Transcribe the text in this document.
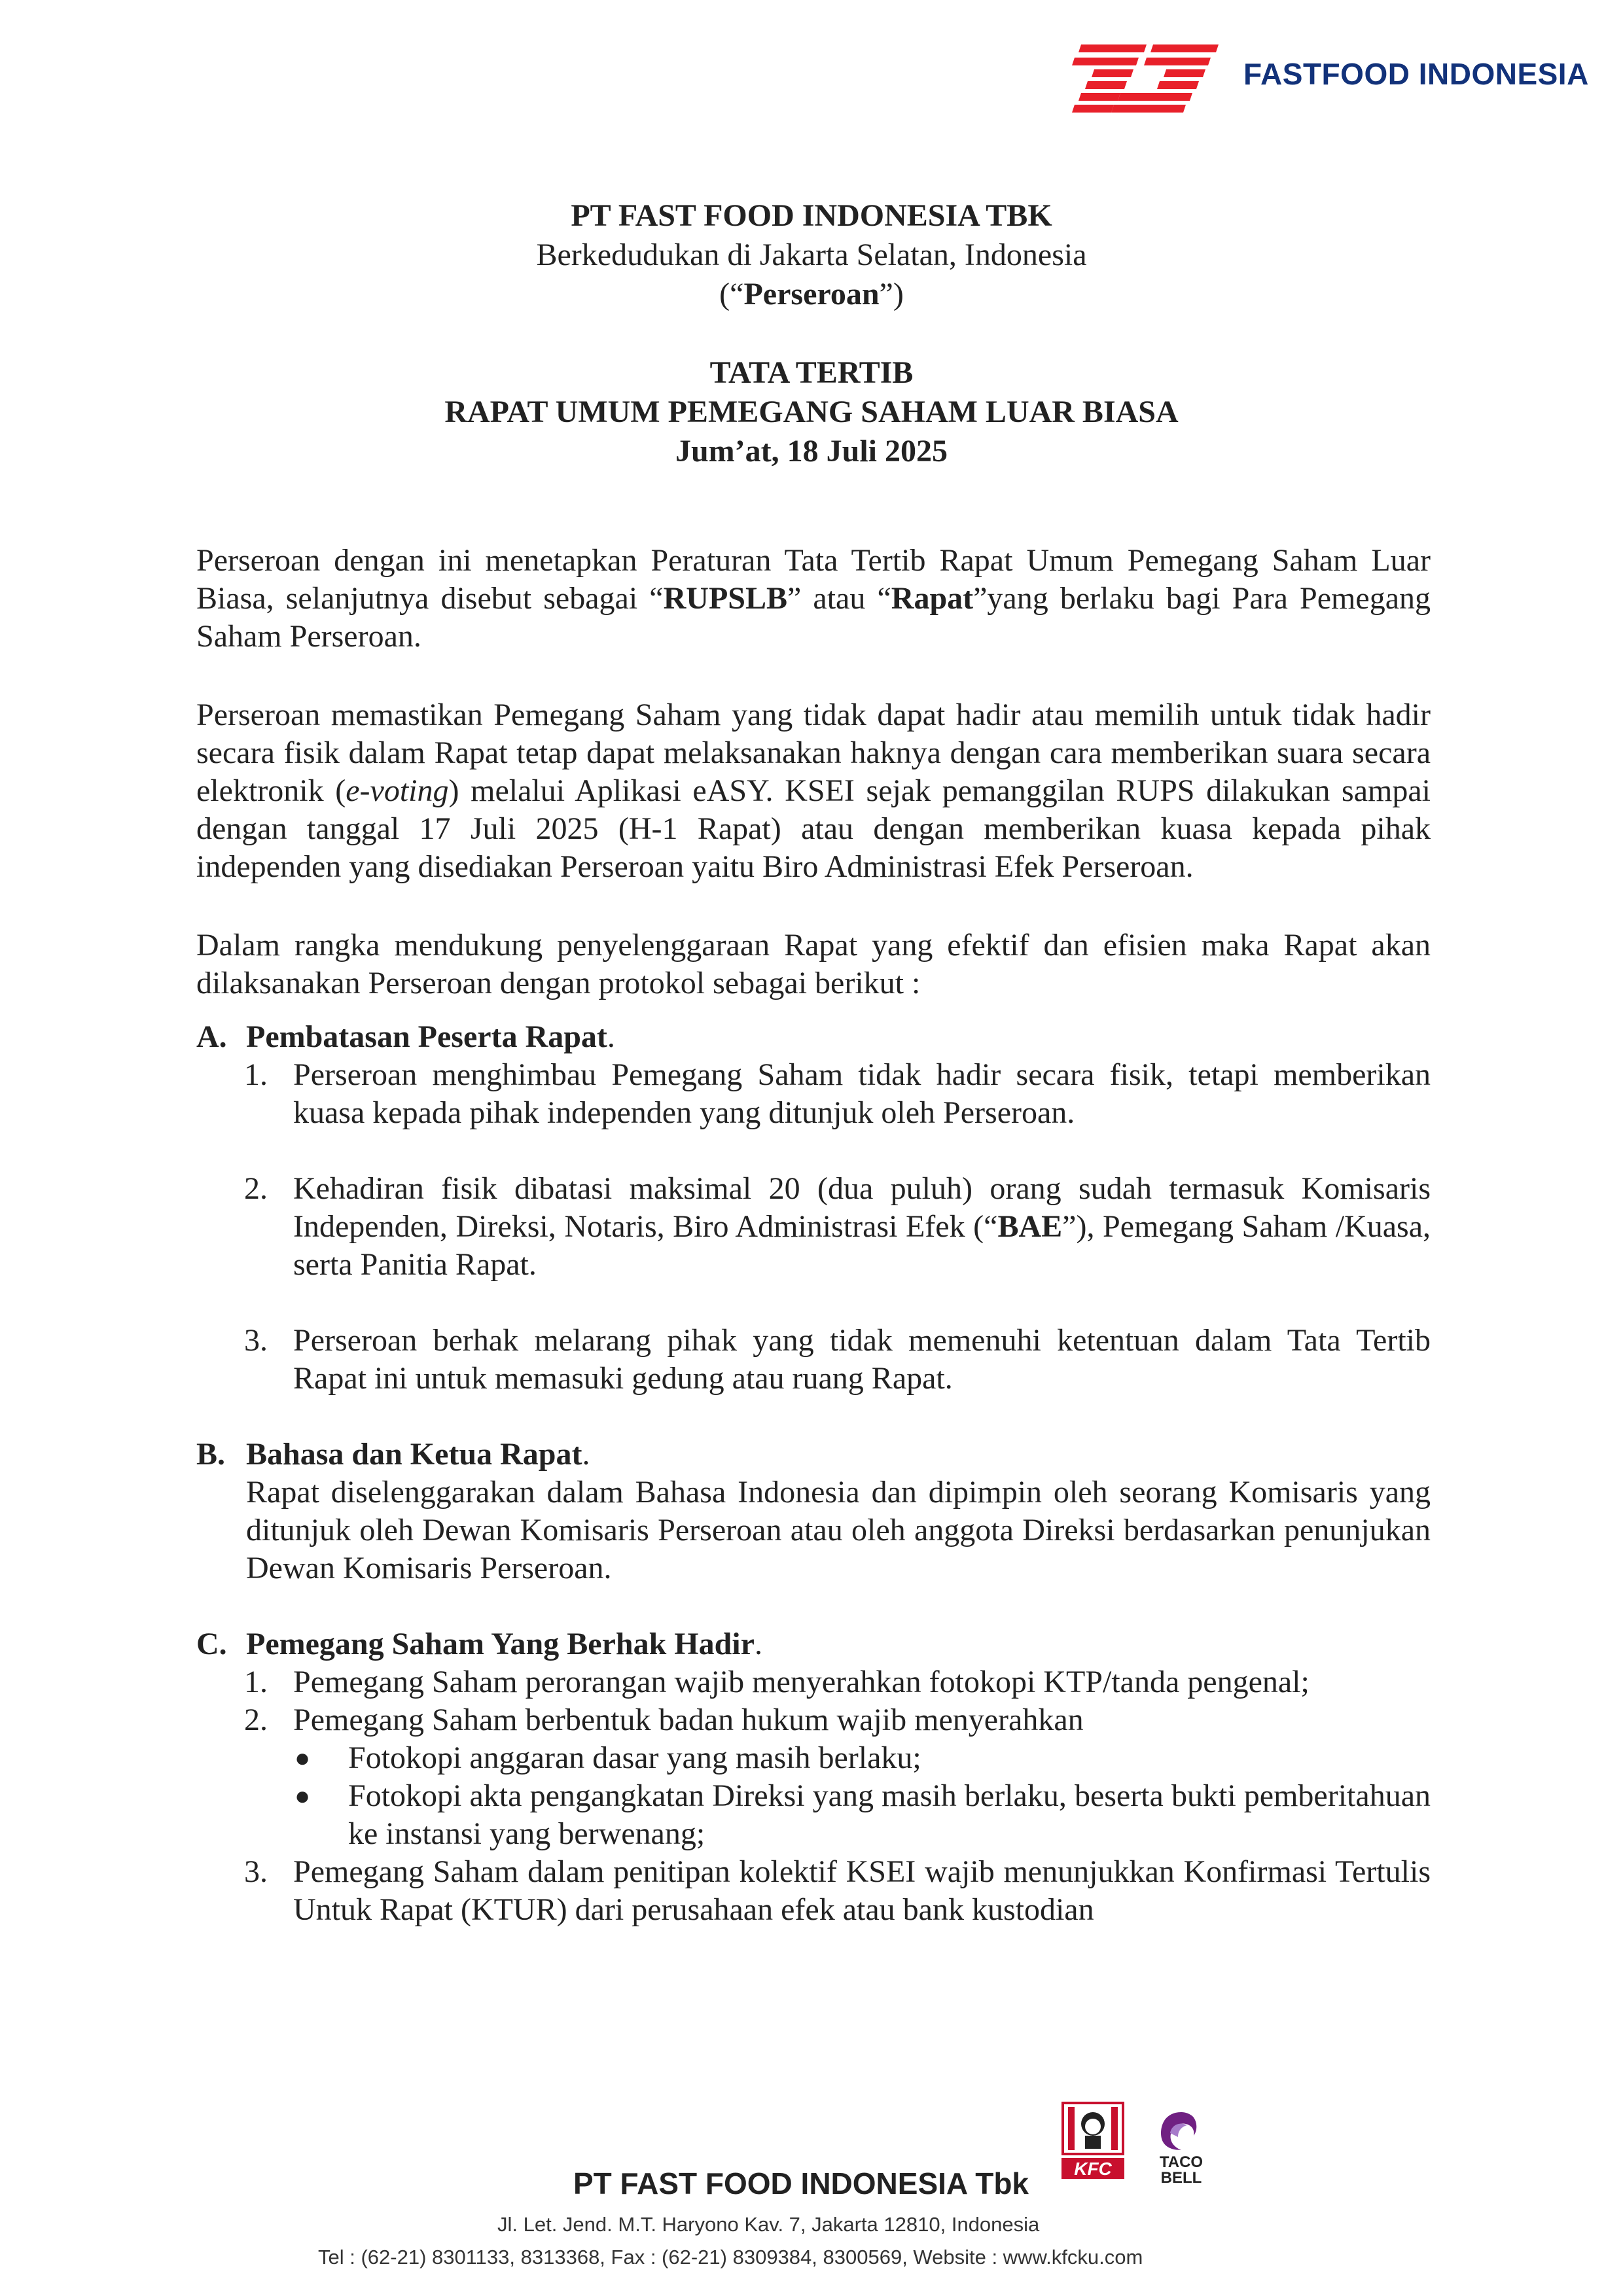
FASTFOOD INDONESIA
PT FAST FOOD INDONESIA TBK
Berkedudukan di Jakarta Selatan, Indonesia
(“Perseroan”)
TATA TERTIB
RAPAT UMUM PEMEGANG SAHAM LUAR BIASA
Jum’at, 18 Juli 2025

Perseroan dengan ini menetapkan Peraturan Tata Tertib Rapat Umum Pemegang Saham Luar Biasa, selanjutnya disebut sebagai “RUPSLB” atau “Rapat”yang berlaku bagi Para Pemegang Saham Perseroan.

Perseroan memastikan Pemegang Saham yang tidak dapat hadir atau memilih untuk tidak hadir secara fisik dalam Rapat tetap dapat melaksanakan haknya dengan cara memberikan suara secara elektronik (e-voting) melalui Aplikasi eASY. KSEI sejak pemanggilan RUPS dilakukan sampai dengan tanggal 17 Juli 2025 (H-1 Rapat) atau dengan memberikan kuasa kepada pihak independen yang disediakan Perseroan yaitu Biro Administrasi Efek Perseroan.

Dalam rangka mendukung penyelenggaraan Rapat yang efektif dan efisien maka Rapat akan dilaksanakan Perseroan dengan protokol sebagai berikut :

A. Pembatasan Peserta Rapat.
1. Perseroan menghimbau Pemegang Saham tidak hadir secara fisik, tetapi memberikan kuasa kepada pihak independen yang ditunjuk oleh Perseroan.
2. Kehadiran fisik dibatasi maksimal 20 (dua puluh) orang sudah termasuk Komisaris Independen, Direksi, Notaris, Biro Administrasi Efek (“BAE”), Pemegang Saham /Kuasa, serta Panitia Rapat.
3. Perseroan berhak melarang pihak yang tidak memenuhi ketentuan dalam Tata Tertib Rapat ini untuk memasuki gedung atau ruang Rapat.
B. Bahasa dan Ketua Rapat.

Rapat diselenggarakan dalam Bahasa Indonesia dan dipimpin oleh seorang Komisaris yang ditunjuk oleh Dewan Komisaris Perseroan atau oleh anggota Direksi berdasarkan penunjukan Dewan Komisaris Perseroan.

C. Pemegang Saham Yang Berhak Hadir.
1. Pemegang Saham perorangan wajib menyerahkan fotokopi KTP/tanda pengenal;
2. Pemegang Saham berbentuk badan hukum wajib menyerahkan
●	Fotokopi anggaran dasar yang masih berlaku;
●	Fotokopi akta pengangkatan Direksi yang masih berlaku, beserta bukti pemberitahuan ke instansi yang berwenang;
3. Pemegang Saham dalam penitipan kolektif KSEI wajib menunjukkan Konfirmasi Tertulis Untuk Rapat (KTUR) dari perusahaan efek atau bank kustodian
KFC	TACO
BELL
PT FAST FOOD INDONESIA Tbk
Jl. Let. Jend. M.T. Haryono Kav. 7, Jakarta 12810, Indonesia
Tel : (62-21) 8301133, 8313368, Fax : (62-21) 8309384, 8300569, Website : www.kfcku.com
